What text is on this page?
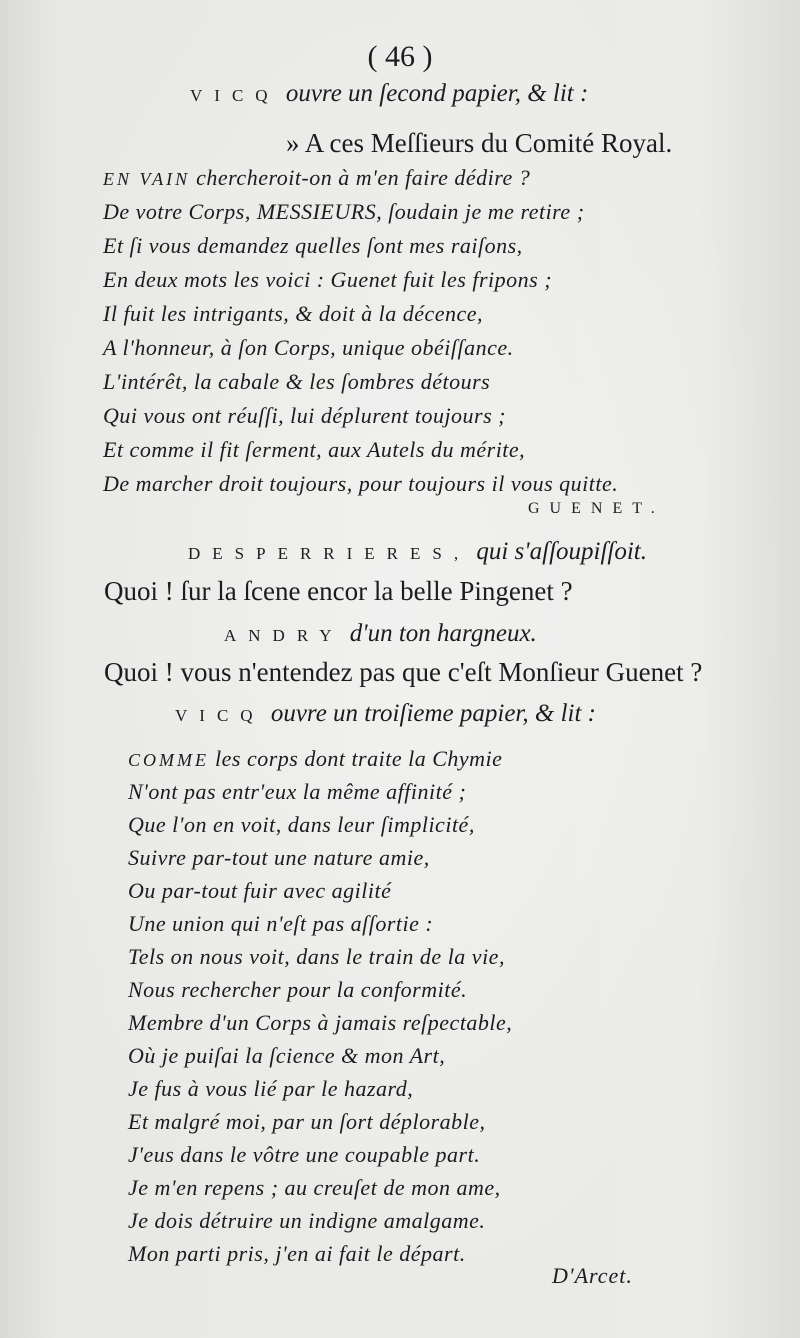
( 46 )
VICQ ouvre un ſecond papier, & lit :
» A ces Meſſieurs du Comité Royal.
EN VAIN chercheroit-on à m'en faire dédire ?
De votre Corps, MESSIEURS, ſoudain je me retire ;
Et ſi vous demandez quelles ſont mes raiſons,
En deux mots les voici : Guenet fuit les fripons ;
Il fuit les intrigants, & doit à la décence,
A l'honneur, à ſon Corps, unique obéiſſance.
L'intérêt, la cabale & les ſombres détours
Qui vous ont réuſſi, lui déplurent toujours ;
Et comme il fit ſerment, aux Autels du mérite,
De marcher droit toujours, pour toujours il vous quitte.
GUENET.
DESPERRIERES, qui s'aſſoupiſſoit.
Quoi ! ſur la ſcene encor la belle Pingenet ?
ANDRY d'un ton hargneux.
Quoi ! vous n'entendez pas que c'eſt Monſieur Guenet ?
VICQ ouvre un troiſieme papier, & lit :
COMME les corps dont traite la Chymie
N'ont pas entr'eux la même affinité ;
Que l'on en voit, dans leur ſimplicité,
Suivre par-tout une nature amie,
Ou par-tout fuir avec agilité
Une union qui n'eſt pas aſſortie :
Tels on nous voit, dans le train de la vie,
Nous rechercher pour la conformité.
Membre d'un Corps à jamais reſpectable,
Où je puiſai la ſcience & mon Art,
Je fus à vous lié par le hazard,
Et malgré moi, par un ſort déplorable,
J'eus dans le vôtre une coupable part.
Je m'en repens ; au creuſet de mon ame,
Je dois détruire un indigne amalgame.
Mon parti pris, j'en ai fait le départ.
D'Arcet.
